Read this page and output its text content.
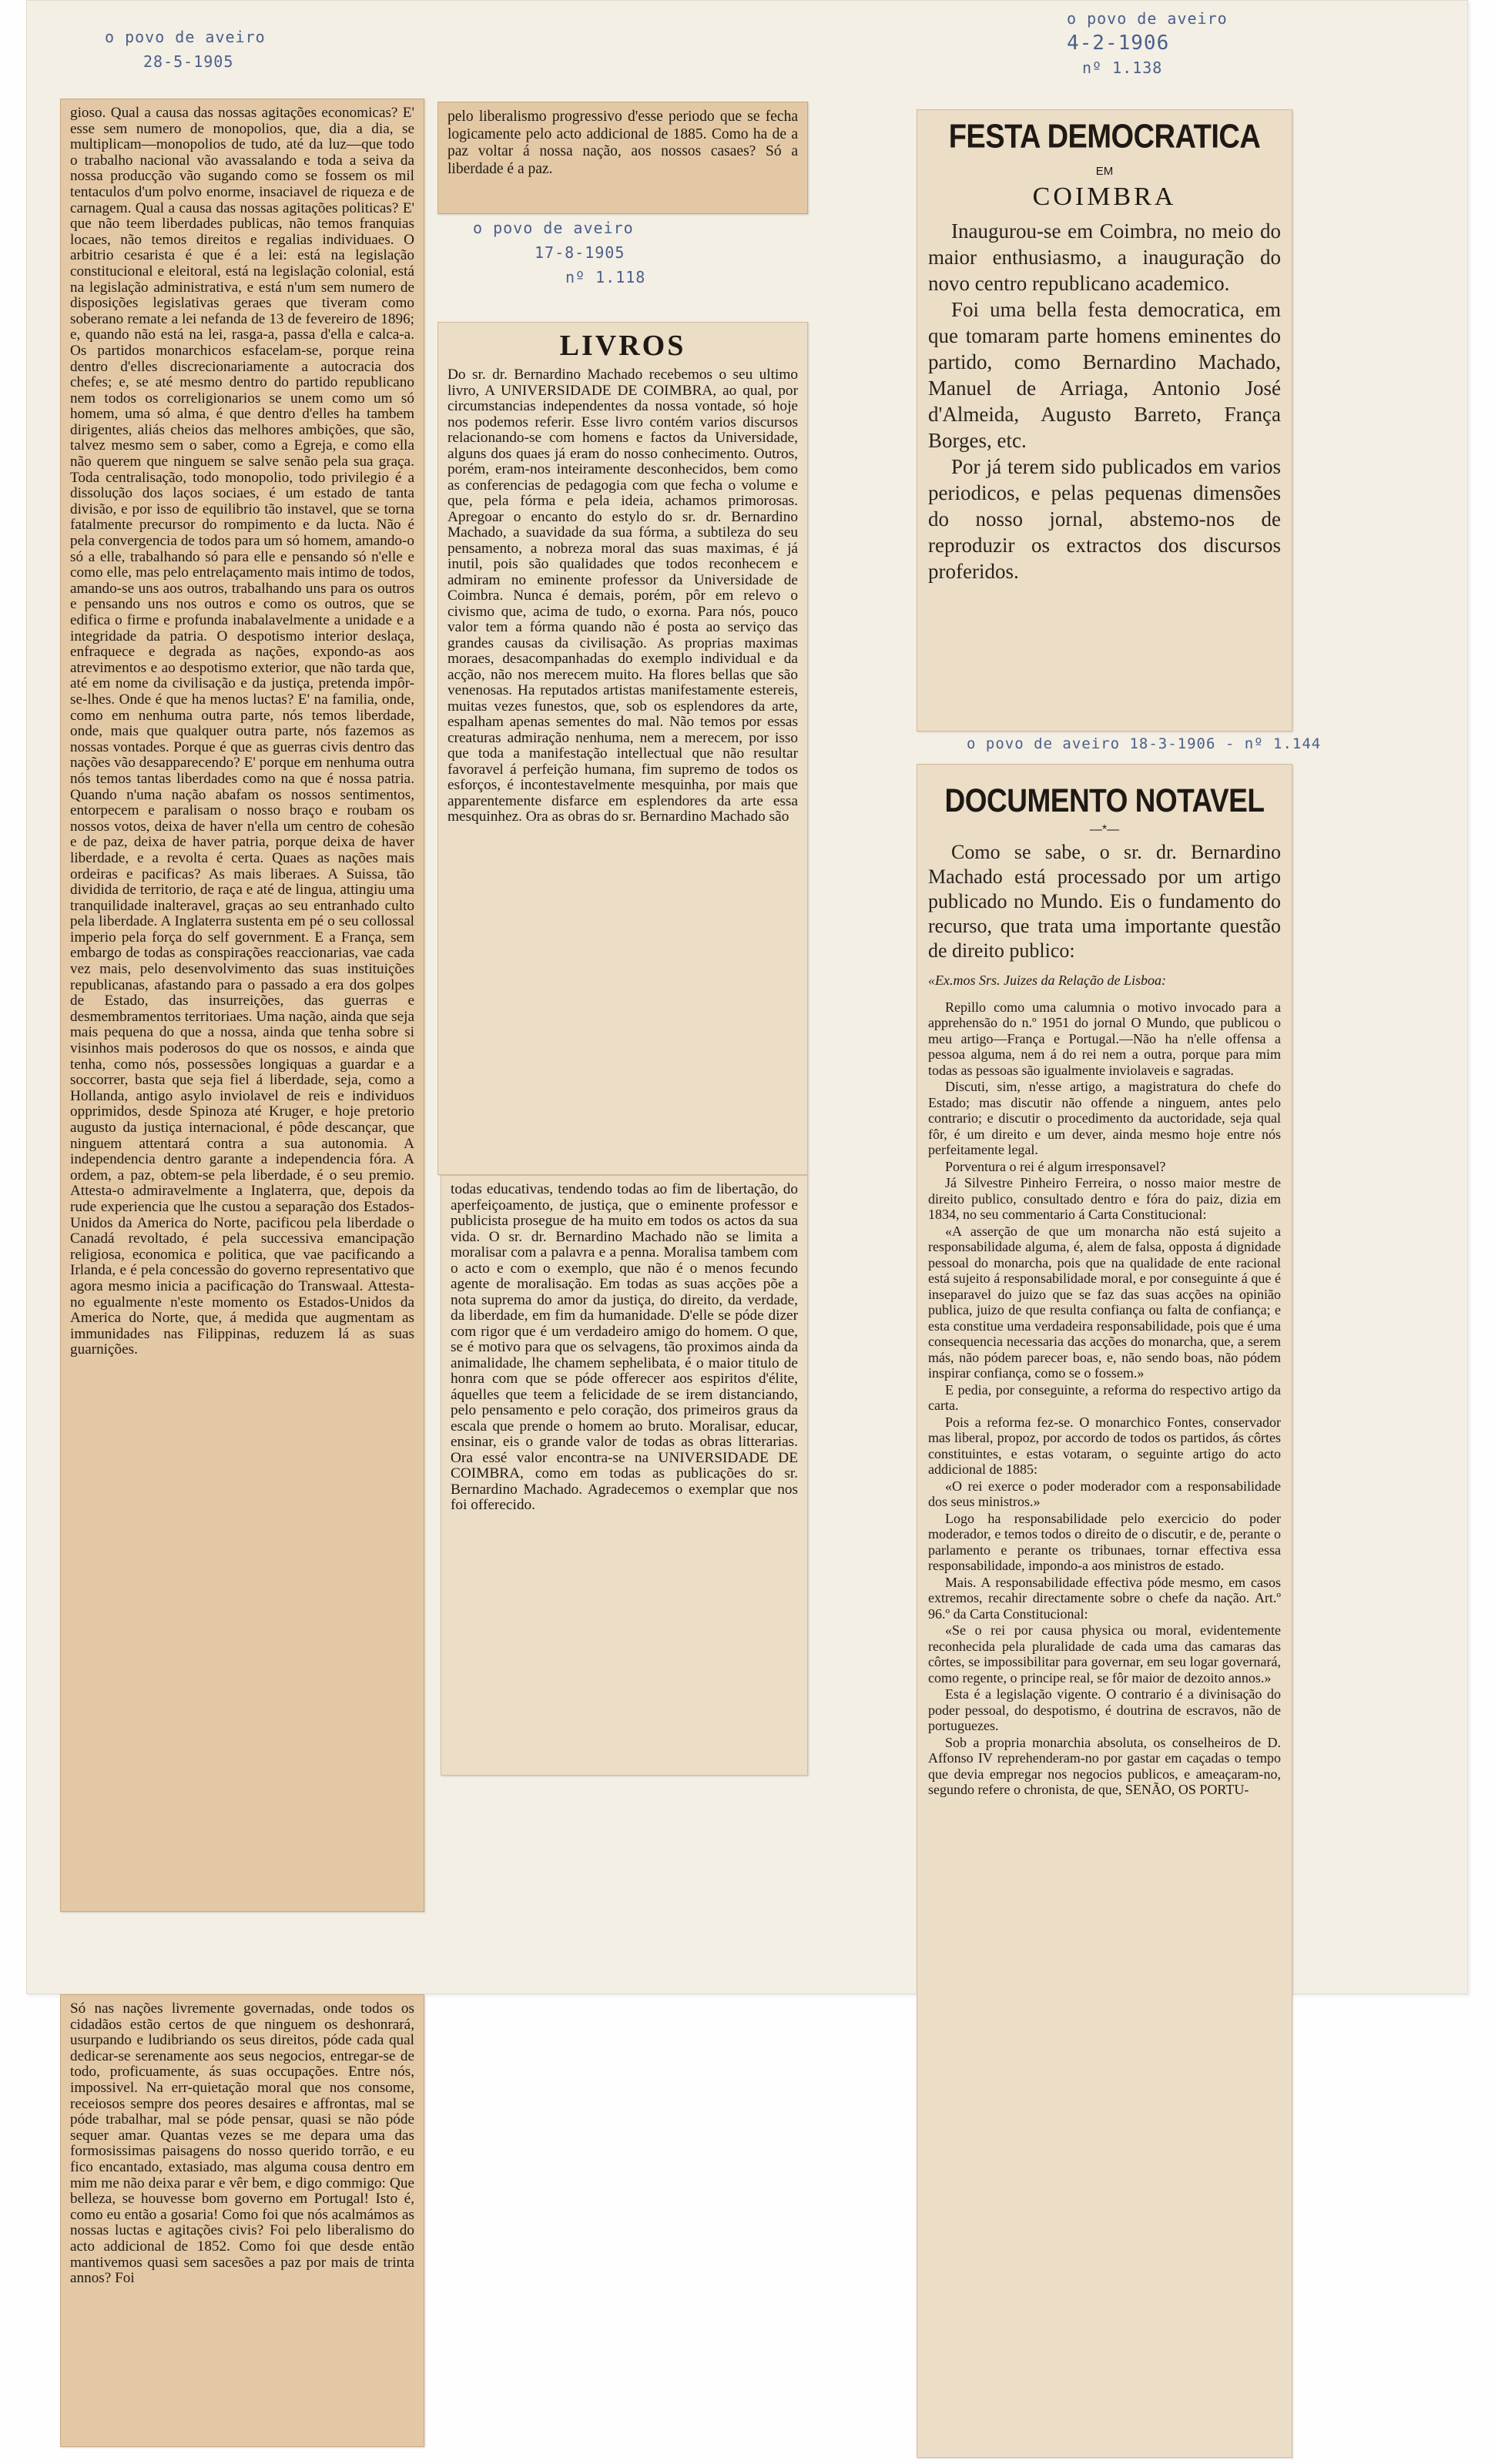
o povo de aveiro
28-5-1905
o povo de aveiro
17-8-1905
nº 1.118
o povo de aveiro
4-2-1906
nº 1.138
o povo de aveiro 18-3-1906 - nº 1.144
gioso. Qual a causa das nossas agitações economicas? E' esse sem numero de monopolios, que, dia a dia, se multiplicam—monopolios de tudo, até da luz—que todo o trabalho nacional vão avassalando e toda a seiva da nossa producção vão sugando como se fossem os mil tentaculos d'um polvo enorme, insaciavel de riqueza e de carnagem. Qual a causa das nossas agitações politicas? E' que não teem liberdades publicas, não temos franquias locaes, não temos direitos e regalias individuaes. O arbitrio cesarista é que é a lei: está na legislação constitucional e eleitoral, está na legislação colonial, está na legislação administrativa, e está n'um sem numero de disposições legislativas geraes que tiveram como soberano remate a lei nefanda de 13 de fevereiro de 1896; e, quando não está na lei, rasga-a, passa d'ella e calca-a. Os partidos monarchicos esfacelam-se, porque reina dentro d'elles discrecionariamente a autocracia dos chefes; e, se até mesmo dentro do partido republicano nem todos os correligionarios se unem como um só homem, uma só alma, é que dentro d'elles ha tambem dirigentes, aliás cheios das melhores ambições, que são, talvez mesmo sem o saber, como a Egreja, e como ella não querem que ninguem se salve senão pela sua graça. Toda centralisação, todo monopolio, todo privilegio é a dissolução dos laços sociaes, é um estado de tanta divisão, e por isso de equilibrio tão instavel, que se torna fatalmente precursor do rompimento e da lucta. Não é pela convergencia de todos para um só homem, amando-o só a elle, trabalhando só para elle e pensando só n'elle e como elle, mas pelo entrelaçamento mais intimo de todos, amando-se uns aos outros, trabalhando uns para os outros e pensando uns nos outros e como os outros, que se edifica o firme e profunda inabalavelmente a unidade e a integridade da patria. O despotismo interior deslaça, enfraquece e degrada as nações, expondo-as aos atrevimentos e ao despotismo exterior, que não tarda que, até em nome da civilisação e da justiça, pretenda impôr-se-lhes. Onde é que ha menos luctas? E' na familia, onde, como em nenhuma outra parte, nós temos liberdade, onde, mais que qualquer outra parte, nós fazemos as nossas vontades. Porque é que as guerras civis dentro das nações vão desapparecendo? E' porque em nenhuma outra nós temos tantas liberdades como na que é nossa patria. Quando n'uma nação abafam os nossos sentimentos, entorpecem e paralisam o nosso braço e roubam os nossos votos, deixa de haver n'ella um centro de cohesão e de paz, deixa de haver patria, porque deixa de haver liberdade, e a revolta é certa. Quaes as nações mais ordeiras e pacificas? As mais liberaes. A Suissa, tão dividida de territorio, de raça e até de lingua, attingiu uma tranquilidade inalteravel, graças ao seu entranhado culto pela liberdade. A Inglaterra sustenta em pé o seu collossal imperio pela força do self government. E a França, sem embargo de todas as conspirações reaccionarias, vae cada vez mais, pelo desenvolvimento das suas instituições republicanas, afastando para o passado a era dos golpes de Estado, das insurreições, das guerras e desmembramentos territoriaes. Uma nação, ainda que seja mais pequena do que a nossa, ainda que tenha sobre si visinhos mais poderosos do que os nossos, e ainda que tenha, como nós, possessões longiquas a guardar e a soccorrer, basta que seja fiel á liberdade, seja, como a Hollanda, antigo asylo inviolavel de reis e individuos opprimidos, desde Spinoza até Kruger, e hoje pretorio augusto da justiça internacional, é pôde descançar, que ninguem attentará contra a sua autonomia. A independencia dentro garante a independencia fóra. A ordem, a paz, obtem-se pela liberdade, é o seu premio. Attesta-o admiravelmente a Inglaterra, que, depois da rude experiencia que lhe custou a separação dos Estados-Unidos da America do Norte, pacificou pela liberdade o Canadá revoltado, é pela successiva emancipação religiosa, economica e politica, que vae pacificando a Irlanda, e é pela concessão do governo representativo que agora mesmo inicia a pacificação do Transwaal. Attesta-no egualmente n'este momento os Estados-Unidos da America do Norte, que, á medida que augmentam as immunidades nas Filippinas, reduzem lá as suas guarnições.
Só nas nações livremente governadas, onde todos os cidadãos estão certos de que ninguem os deshonrará, usurpando e ludibriando os seus direitos, póde cada qual dedicar-se serenamente aos seus negocios, entregar-se de todo, proficuamente, ás suas occupações. Entre nós, impossivel. Na err-quietação moral que nos consome, receiosos sempre dos peores desaires e affrontas, mal se póde trabalhar, mal se póde pensar, quasi se não póde sequer amar. Quantas vezes se me depara uma das formosissimas paisagens do nosso querido torrão, e eu fico encantado, extasiado, mas alguma cousa dentro em mim me não deixa parar e vêr bem, e digo commigo: Que belleza, se houvesse bom governo em Portugal! Isto é, como eu então a gosaria! Como foi que nós acalmámos as nossas luctas e agitações civis? Foi pelo liberalismo do acto addicional de 1852. Como foi que desde então mantivemos quasi sem sacesões a paz por mais de trinta annos? Foi
pelo liberalismo progressivo d'esse periodo que se fecha logicamente pelo acto addicional de 1885. Como ha de a paz voltar á nossa nação, aos nossos casaes? Só a liberdade é a paz.
LIVROS
Do sr. dr. Bernardino Machado recebemos o seu ultimo livro, A UNIVERSIDADE DE COIMBRA, ao qual, por circumstancias independentes da nossa vontade, só hoje nos podemos referir. Esse livro contém varios discursos relacionando-se com homens e factos da Universidade, alguns dos quaes já eram do nosso conhecimento. Outros, porém, eram-nos inteiramente desconhecidos, bem como as conferencias de pedagogia com que fecha o volume e que, pela fórma e pela ideia, achamos primorosas. Apregoar o encanto do estylo do sr. dr. Bernardino Machado, a suavidade da sua fórma, a subtileza do seu pensamento, a nobreza moral das suas maximas, é já inutil, pois são qualidades que todos reconhecem e admiram no eminente professor da Universidade de Coimbra. Nunca é demais, porém, pôr em relevo o civismo que, acima de tudo, o exorna. Para nós, pouco valor tem a fórma quando não é posta ao serviço das grandes causas da civilisação. As proprias maximas moraes, desacompanhadas do exemplo individual e da acção, não nos merecem muito. Ha flores bellas que são venenosas. Ha reputados artistas manifestamente estereis, muitas vezes funestos, que, sob os esplendores da arte, espalham apenas sementes do mal. Não temos por essas creaturas admiração nenhuma, nem a merecem, por isso que toda a manifestação intellectual que não resultar favoravel á perfeição humana, fim supremo de todos os esforços, é incontestavelmente mesquinha, por mais que apparentemente disfarce em esplendores da arte essa mesquinhez. Ora as obras do sr. Bernardino Machado são
todas educativas, tendendo todas ao fim de libertação, do aperfeiçoamento, de justiça, que o eminente professor e publicista prosegue de ha muito em todos os actos da sua vida. O sr. dr. Bernardino Machado não se limita a moralisar com a palavra e a penna. Moralisa tambem com o acto e com o exemplo, que não é o menos fecundo agente de moralisação. Em todas as suas acções põe a nota suprema do amor da justiça, do direito, da verdade, da liberdade, em fim da humanidade. D'elle se póde dizer com rigor que é um verdadeiro amigo do homem. O que, se é motivo para que os selvagens, tão proximos ainda da animalidade, lhe chamem sephelibata, é o maior titulo de honra com que se póde offerecer aos espiritos d'élite, áquelles que teem a felicidade de se irem distanciando, pelo pensamento e pelo coração, dos primeiros graus da escala que prende o homem ao bruto. Moralisar, educar, ensinar, eis o grande valor de todas as obras litterarias. Ora essé valor encontra-se na UNIVERSIDADE DE COIMBRA, como em todas as publicações do sr. Bernardino Machado. Agradecemos o exemplar que nos foi offerecido.
FESTA DEMOCRATICA
EM
COIMBRA

Inaugurou-se em Coimbra, no meio do maior enthusiasmo, a inauguração do novo centro republicano academico.

Foi uma bella festa democratica, em que tomaram parte homens eminentes do partido, como Bernardino Machado, Manuel de Arriaga, Antonio José d'Almeida, Augusto Barreto, França Borges, etc.

Por já terem sido publicados em varios periodicos, e pelas pequenas dimensões do nosso jornal, abstemo-nos de reproduzir os extractos dos discursos proferidos.

DOCUMENTO NOTAVEL
—*—

Como se sabe, o sr. dr. Bernardino Machado está processado por um artigo publicado no Mundo. Eis o fundamento do recurso, que trata uma importante questão de direito publico:

«Ex.mos Srs. Juizes da Relação de Lisboa:

Repillo como uma calumnia o motivo invocado para a apprehensão do n.º 1951 do jornal O Mundo, que publicou o meu artigo—França e Portugal.—Não ha n'elle offensa a pessoa alguma, nem á do rei nem a outra, porque para mim todas as pessoas são igualmente inviolaveis e sagradas.

Discuti, sim, n'esse artigo, a magistratura do chefe do Estado; mas discutir não offende a ninguem, antes pelo contrario; e discutir o procedimento da auctoridade, seja qual fôr, é um direito e um dever, ainda mesmo hoje entre nós perfeitamente legal.

Porventura o rei é algum irresponsavel?

Já Silvestre Pinheiro Ferreira, o nosso maior mestre de direito publico, consultado dentro e fóra do paiz, dizia em 1834, no seu commentario á Carta Constitucional:

«A asserção de que um monarcha não está sujeito a responsabilidade alguma, é, alem de falsa, opposta á dignidade pessoal do monarcha, pois que na qualidade de ente racional está sujeito á responsabilidade moral, e por conseguinte á que é inseparavel do juizo que se faz das suas acções na opinião publica, juizo de que resulta confiança ou falta de confiança; e esta constitue uma verdadeira responsabilidade, pois que é uma consequencia necessaria das acções do monarcha, que, a serem más, não pódem parecer boas, e, não sendo boas, não pódem inspirar confiança, como se o fossem.»

E pedia, por conseguinte, a reforma do respectivo artigo da carta.

Pois a reforma fez-se. O monarchico Fontes, conservador mas liberal, propoz, por accordo de todos os partidos, ás côrtes constituintes, e estas votaram, o seguinte artigo do acto addicional de 1885:

«O rei exerce o poder moderador com a responsabilidade dos seus ministros.»

Logo ha responsabilidade pelo exercicio do poder moderador, e temos todos o direito de o discutir, e de, perante o parlamento e perante os tribunaes, tornar effectiva essa responsabilidade, impondo-a aos ministros de estado.

Mais. A responsabilidade effectiva póde mesmo, em casos extremos, recahir directamente sobre o chefe da nação. Art.º 96.º da Carta Constitucional:

«Se o rei por causa physica ou moral, evidentemente reconhecida pela pluralidade de cada uma das camaras das côrtes, se impossibilitar para governar, em seu logar governará, como regente, o principe real, se fôr maior de dezoito annos.»

Esta é a legislação vigente. O contrario é a divinisação do poder pessoal, do despotismo, é doutrina de escravos, não de portuguezes.

Sob a propria monarchia absoluta, os conselheiros de D. Affonso IV reprehenderam-no por gastar em caçadas o tempo que devia empregar nos negocios publicos, e ameaçaram-no, segundo refere o chronista, de que, SENÃO, OS PORTU-
